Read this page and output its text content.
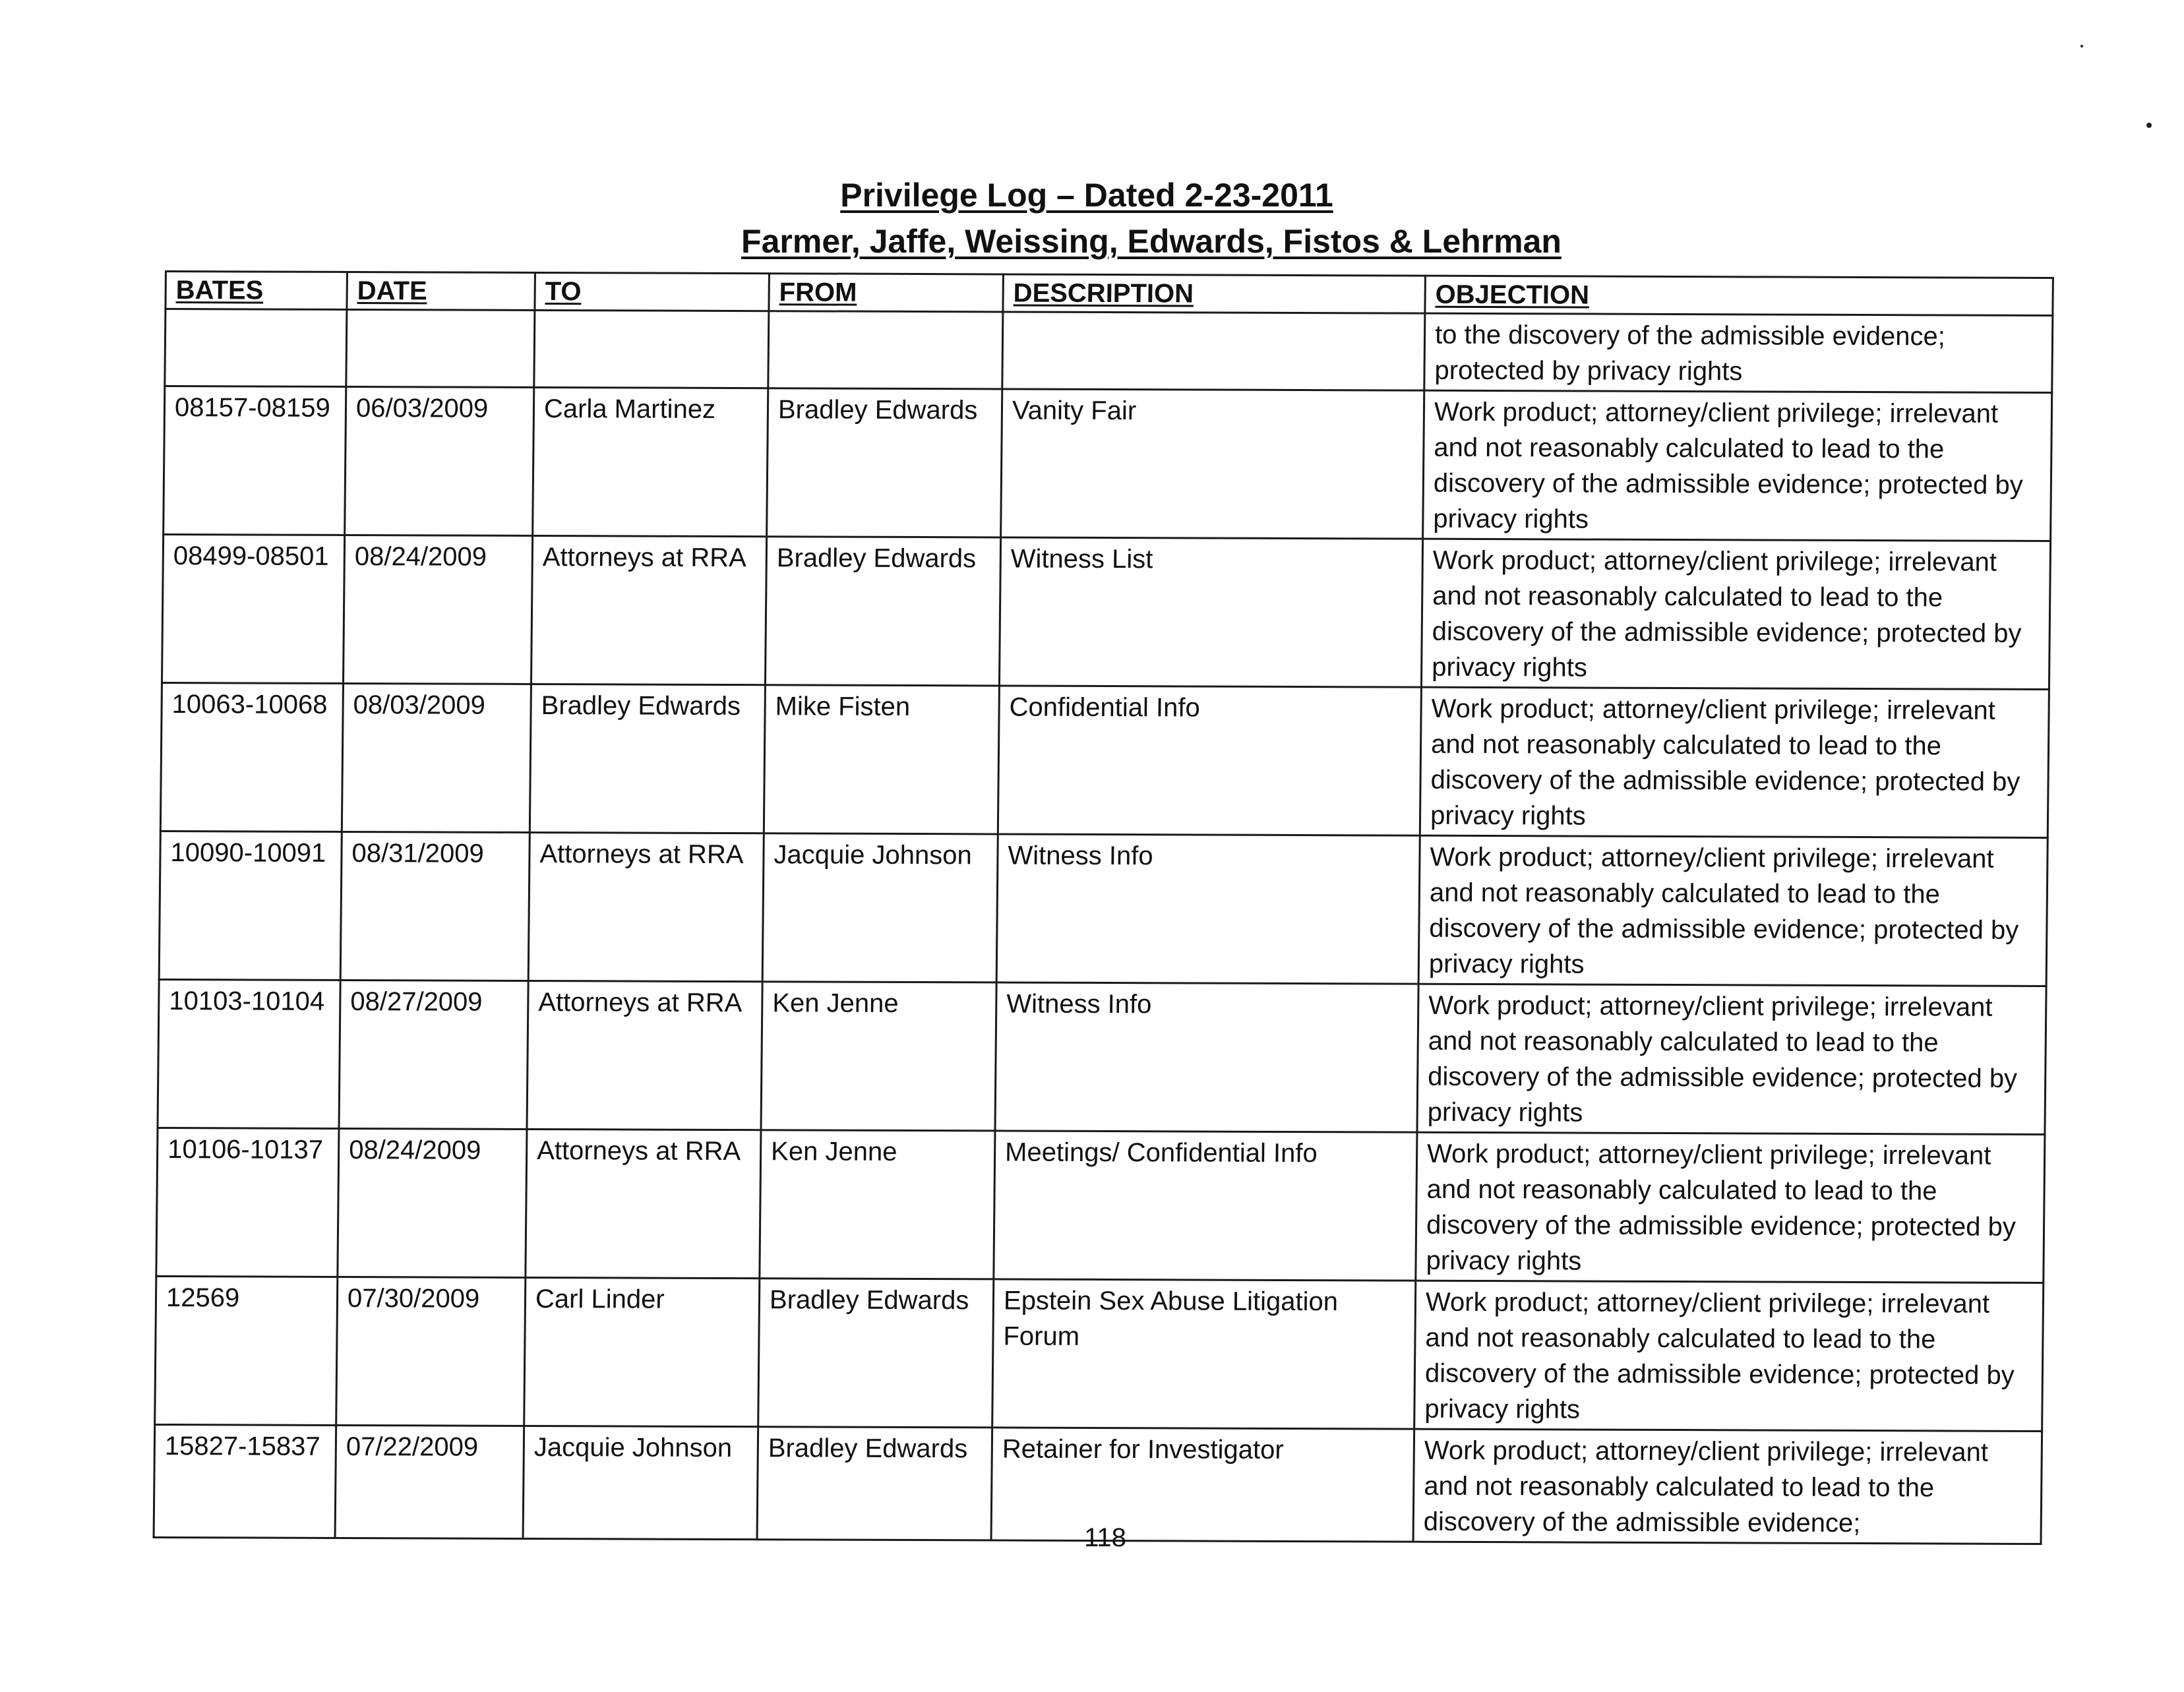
Privilege Log – Dated 2-23-2011
Farmer, Jaffe, Weissing, Edwards, Fistos & Lehrman
BATES	DATE	TO	FROM	DESCRIPTION	OBJECTION
					to the discovery of the admissible evidence; protected by privacy rights
08157-08159	06/03/2009	Carla Martinez	Bradley Edwards	Vanity Fair	Work product; attorney/client privilege; irrelevant and not reasonably calculated to lead to the discovery of the admissible evidence; protected by privacy rights
08499-08501	08/24/2009	Attorneys at RRA	Bradley Edwards	Witness List	Work product; attorney/client privilege; irrelevant and not reasonably calculated to lead to the discovery of the admissible evidence; protected by privacy rights
10063-10068	08/03/2009	Bradley Edwards	Mike Fisten	Confidential Info	Work product; attorney/client privilege; irrelevant and not reasonably calculated to lead to the discovery of the admissible evidence; protected by privacy rights
10090-10091	08/31/2009	Attorneys at RRA	Jacquie Johnson	Witness Info	Work product; attorney/client privilege; irrelevant and not reasonably calculated to lead to the discovery of the admissible evidence; protected by privacy rights
10103-10104	08/27/2009	Attorneys at RRA	Ken Jenne	Witness Info	Work product; attorney/client privilege; irrelevant and not reasonably calculated to lead to the discovery of the admissible evidence; protected by privacy rights
10106-10137	08/24/2009	Attorneys at RRA	Ken Jenne	Meetings/ Confidential Info	Work product; attorney/client privilege; irrelevant and not reasonably calculated to lead to the discovery of the admissible evidence; protected by privacy rights
12569	07/30/2009	Carl Linder	Bradley Edwards	Epstein Sex Abuse Litigation Forum	Work product; attorney/client privilege; irrelevant and not reasonably calculated to lead to the discovery of the admissible evidence; protected by privacy rights
15827-15837	07/22/2009	Jacquie Johnson	Bradley Edwards	Retainer for Investigator	Work product; attorney/client privilege; irrelevant and not reasonably calculated to lead to the discovery of the admissible evidence;
118
